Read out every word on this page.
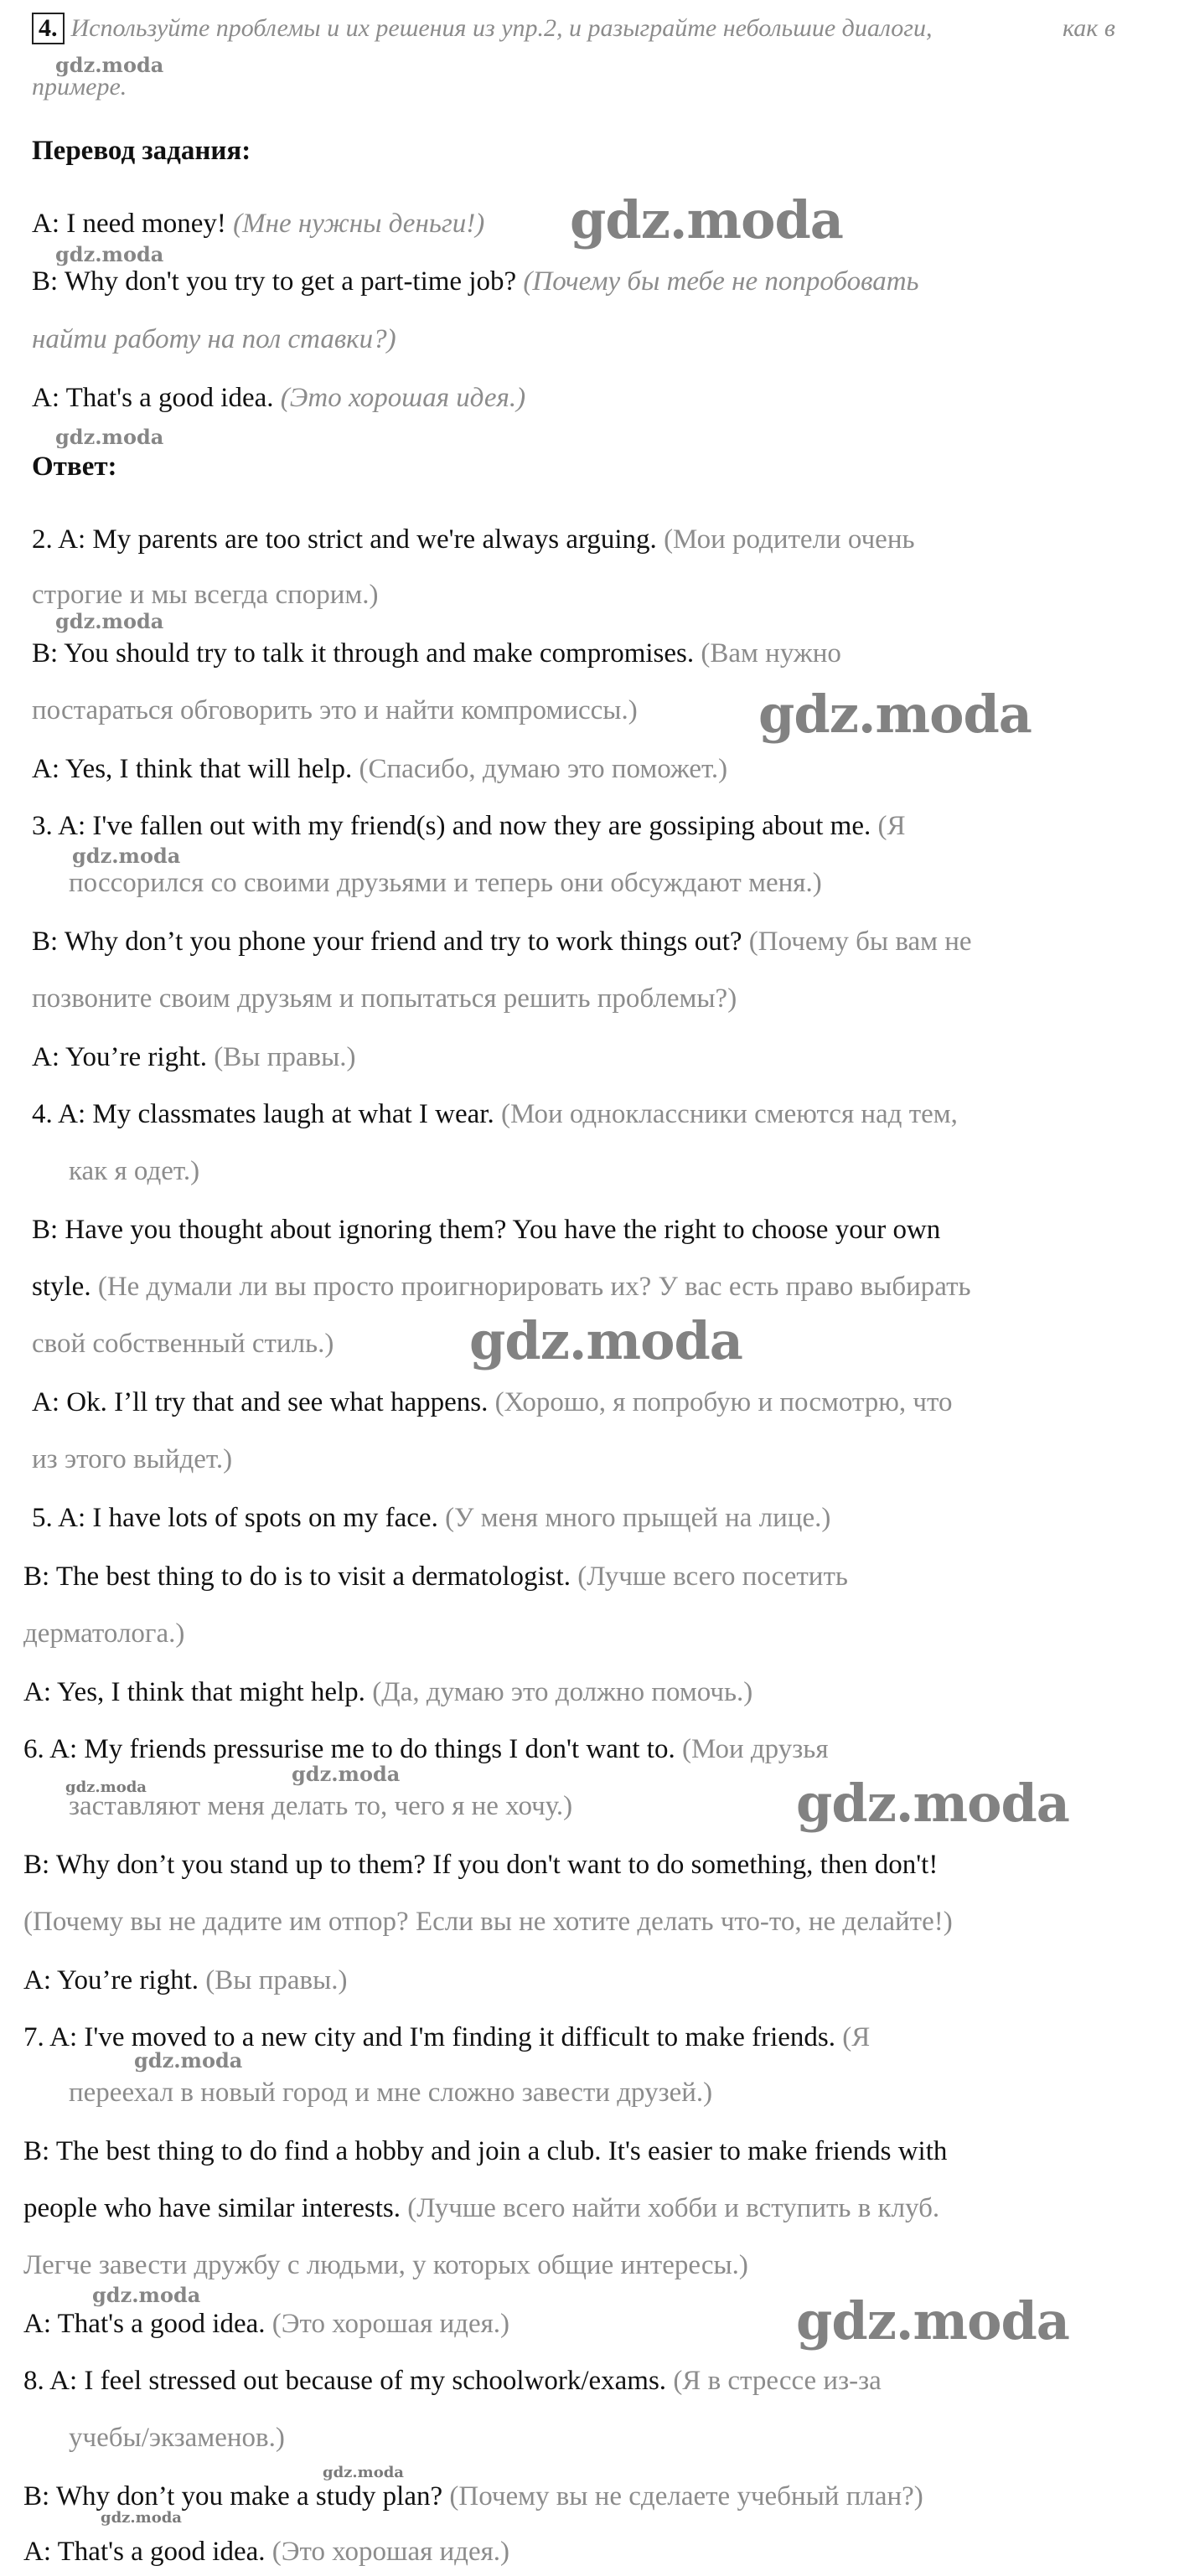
4. Используйте проблемы и их решения из упр.2, и разыграйте небольшие диалоги,	как в
примере.
Перевод задания:
A: I need money! (Мне нужны деньги!)
B: Why don't you try to get a part-time job? (Почему бы тебе не попробовать
найти работу на пол ставки?)
A: That's a good idea. (Это хорошая идея.)
Ответ:
2. A: My parents are too strict and we're always arguing. (Мои родители очень
строгие и мы всегда спорим.)
B: You should try to talk it through and make compromises. (Вам нужно
постараться обговорить это и найти компромиссы.)
A: Yes, I think that will help. (Спасибо, думаю это поможет.)
3. A: I've fallen out with my friend(s) and now they are gossiping about me. (Я
поссорился со своими друзьями и теперь они обсуждают меня.)
B: Why don’t you phone your friend and try to work things out? (Почему бы вам не
позвоните своим друзьям и попытаться решить проблемы?)
A: You’re right. (Вы правы.)
4. A: My classmates laugh at what I wear. (Мои одноклассники смеются над тем,
как я одет.)
B: Have you thought about ignoring them? You have the right to choose your own
style. (Не думали ли вы просто проигнорировать их? У вас есть право выбирать
свой собственный стиль.)
A: Ok. I’ll try that and see what happens. (Хорошо, я попробую и посмотрю, что
из этого выйдет.)
5. A: I have lots of spots on my face. (У меня много прыщей на лице.)
B: The best thing to do is to visit a dermatologist. (Лучше всего посетить
дерматолога.)
A: Yes, I think that might help. (Да, думаю это должно помочь.)
6. A: My friends pressurise me to do things I don't want to. (Мои друзья
заставляют меня делать то, чего я не хочу.)
B: Why don’t you stand up to them? If you don't want to do something, then don't!
(Почему вы не дадите им отпор? Если вы не хотите делать что-то, не делайте!)
A: You’re right. (Вы правы.)
7. A: I've moved to a new city and I'm finding it difficult to make friends. (Я
переехал в новый город и мне сложно завести друзей.)
B: The best thing to do find a hobby and join a club. It's easier to make friends with
people who have similar interests. (Лучше всего найти хобби и вступить в клуб.
Легче завести дружбу с людьми, у которых общие интересы.)
A: That's a good idea. (Это хорошая идея.)
8. A: I feel stressed out because of my schoolwork/exams. (Я в стрессе из-за
учебы/экзаменов.)
B: Why don’t you make a study plan? (Почему вы не сделаете учебный план?)
A: That's a good idea. (Это хорошая идея.)
gdz.moda
gdz.moda
gdz.moda
gdz.moda
gdz.moda
gdz.moda
gdz.moda
gdz.moda
gdz.moda
gdz.moda	gdz.moda
gdz.moda
gdz.moda	gdz.moda
gdz.moda
gdz.moda
